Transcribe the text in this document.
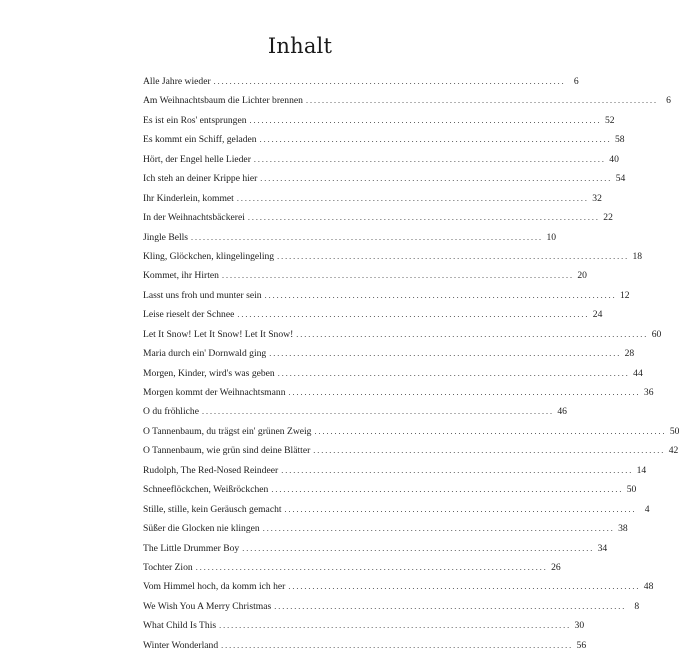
Inhalt
Alle Jahre wieder . . .	6
Am Weihnachtsbaum die Lichter brennen . . .	6
Es ist ein Ros' entsprungen . . .	52
Es kommt ein Schiff, geladen . . .	58
Hört, der Engel helle Lieder . . .	40
Ich steh an deiner Krippe hier . . .	54
Ihr Kinderlein, kommet . . .	32
In der Weihnachtsbäckerei . . .	22
Jingle Bells . . .	10
Kling, Glöckchen, klingelingeling . . .	18
Kommet, ihr Hirten . . .	20
Lasst uns froh und munter sein . . .	12
Leise rieselt der Schnee . . .	24
Let It Snow! Let It Snow! Let It Snow! . . .	60
Maria durch ein' Dornwald ging . . .	28
Morgen, Kinder, wird's was geben . . .	44
Morgen kommt der Weihnachtsmann . . .	36
O du fröhliche . . .	46
O Tannenbaum, du trägst ein' grünen Zweig . . .	50
O Tannenbaum, wie grün sind deine Blätter . . .	42
Rudolph, The Red-Nosed Reindeer . . .	14
Schneeflöckchen, Weißröckchen . . .	50
Stille, stille, kein Geräusch gemacht . . .	4
Süßer die Glocken nie klingen . . .	38
The Little Drummer Boy . . .	34
Tochter Zion . . .	26
Vom Himmel hoch, da komm ich her . . .	48
We Wish You A Merry Christmas . . .	8
What Child Is This . . .	30
Winter Wonderland . . .	56
